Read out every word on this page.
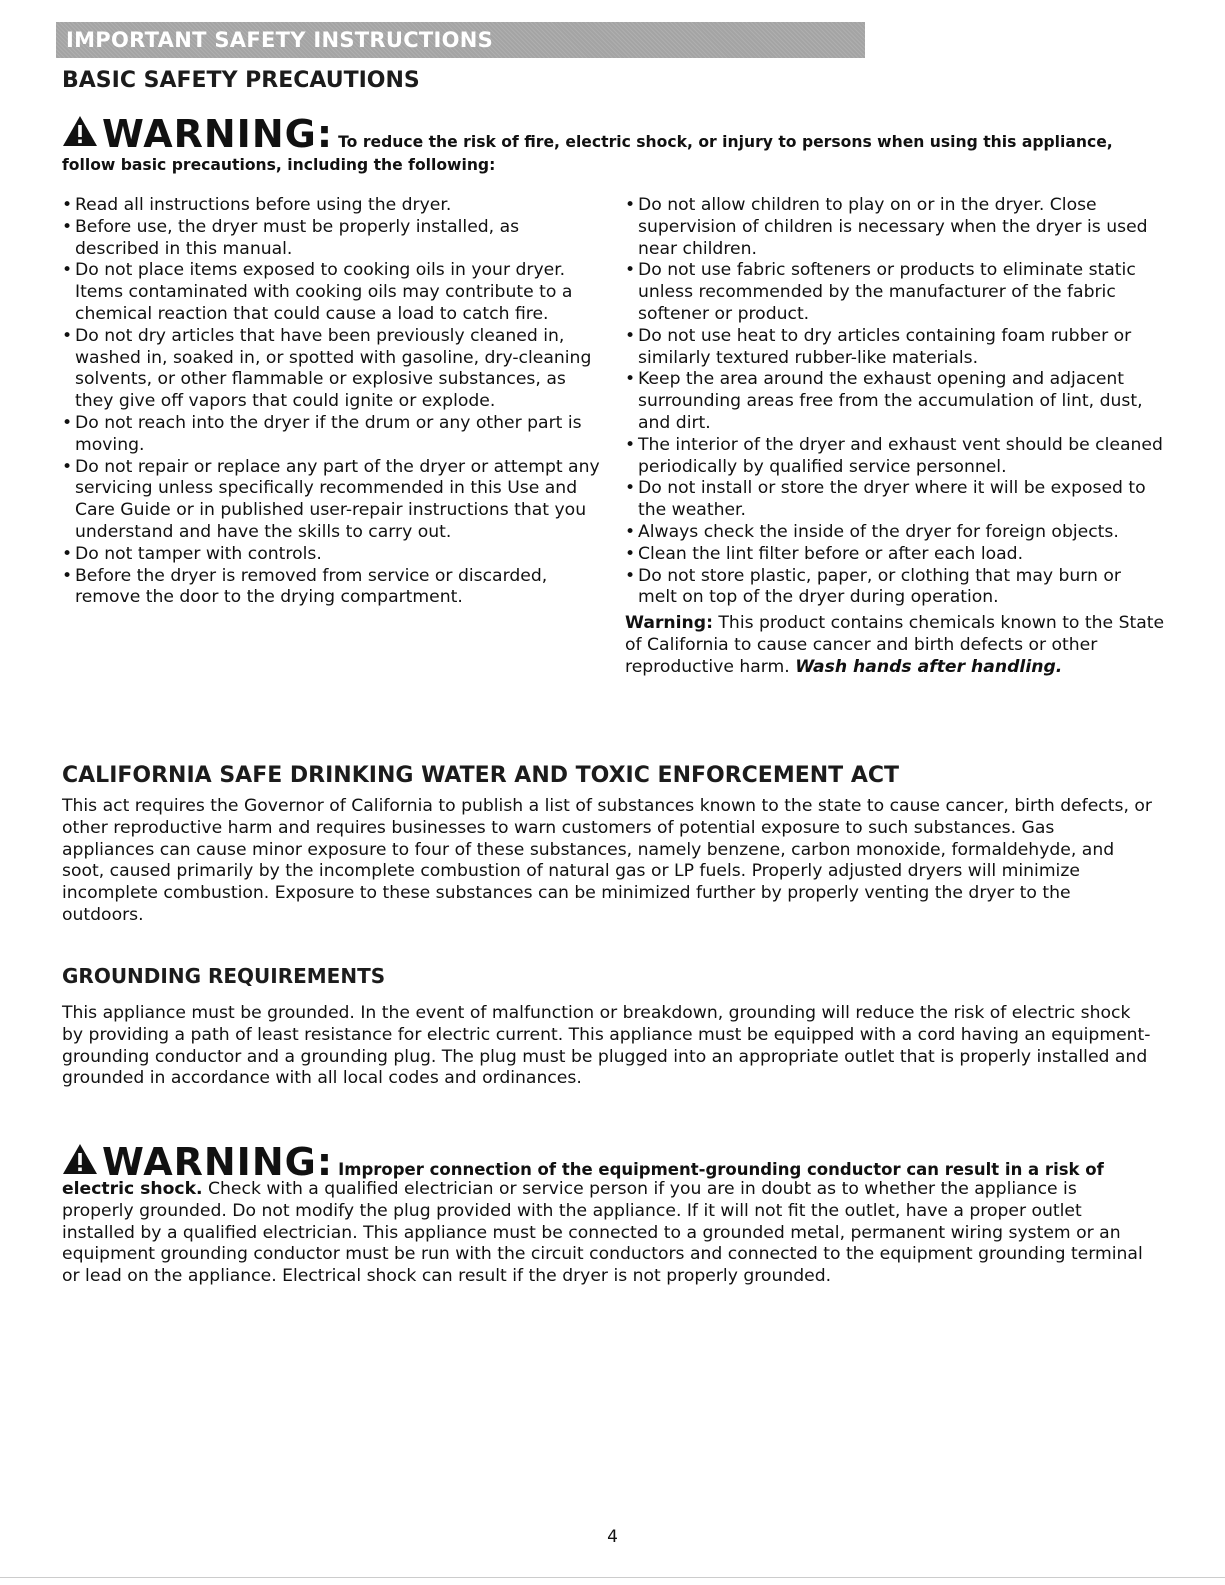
IMPORTANT SAFETY INSTRUCTIONS
BASIC SAFETY PRECAUTIONS
WARNING: To reduce the risk of fire, electric shock, or injury to persons when using this appliance,
follow basic precautions, including the following:
• Read all instructions before using the dryer.
• Before use, the dryer must be properly installed, as described in this manual.
• Do not place items exposed to cooking oils in your dryer. Items contaminated with cooking oils may contribute to a chemical reaction that could cause a load to catch fire.
• Do not dry articles that have been previously cleaned in, washed in, soaked in, or spotted with gasoline, dry-cleaning solvents, or other flammable or explosive substances, as they give off vapors that could ignite or explode.
• Do not reach into the dryer if the drum or any other part is moving.
• Do not repair or replace any part of the dryer or attempt any servicing unless specifically recommended in this Use and Care Guide or in published user-repair instructions that you understand and have the skills to carry out.
• Do not tamper with controls.
• Before the dryer is removed from service or discarded, remove the door to the drying compartment.
• Do not allow children to play on or in the dryer. Close supervision of children is necessary when the dryer is used near children.
• Do not use fabric softeners or products to eliminate static unless recommended by the manufacturer of the fabric softener or product.
• Do not use heat to dry articles containing foam rubber or similarly textured rubber-like materials.
• Keep the area around the exhaust opening and adjacent surrounding areas free from the accumulation of lint, dust, and dirt.
• The interior of the dryer and exhaust vent should be cleaned periodically by qualified service personnel.
• Do not install or store the dryer where it will be exposed to the weather.
• Always check the inside of the dryer for foreign objects.
• Clean the lint filter before or after each load.
• Do not store plastic, paper, or clothing that may burn or melt on top of the dryer during operation.
Warning: This product contains chemicals known to the State of California to cause cancer and birth defects or other reproductive harm. Wash hands after handling.
CALIFORNIA SAFE DRINKING WATER AND TOXIC ENFORCEMENT ACT
This act requires the Governor of California to publish a list of substances known to the state to cause cancer, birth defects, or other reproductive harm and requires businesses to warn customers of potential exposure to such substances. Gas appliances can cause minor exposure to four of these substances, namely benzene, carbon monoxide, formaldehyde, and soot, caused primarily by the incomplete combustion of natural gas or LP fuels. Properly adjusted dryers will minimize incomplete combustion. Exposure to these substances can be minimized further by properly venting the dryer to the outdoors.
GROUNDING REQUIREMENTS
This appliance must be grounded. In the event of malfunction or breakdown, grounding will reduce the risk of electric shock by providing a path of least resistance for electric current. This appliance must be equipped with a cord having an equipment-grounding conductor and a grounding plug. The plug must be plugged into an appropriate outlet that is properly installed and grounded in accordance with all local codes and ordinances.
WARNING: Improper connection of the equipment-grounding conductor can result in a risk of
electric shock. Check with a qualified electrician or service person if you are in doubt as to whether the appliance is properly grounded. Do not modify the plug provided with the appliance. If it will not fit the outlet, have a proper outlet installed by a qualified electrician. This appliance must be connected to a grounded metal, permanent wiring system or an equipment grounding conductor must be run with the circuit conductors and connected to the equipment grounding terminal or lead on the appliance. Electrical shock can result if the dryer is not properly grounded.
4
